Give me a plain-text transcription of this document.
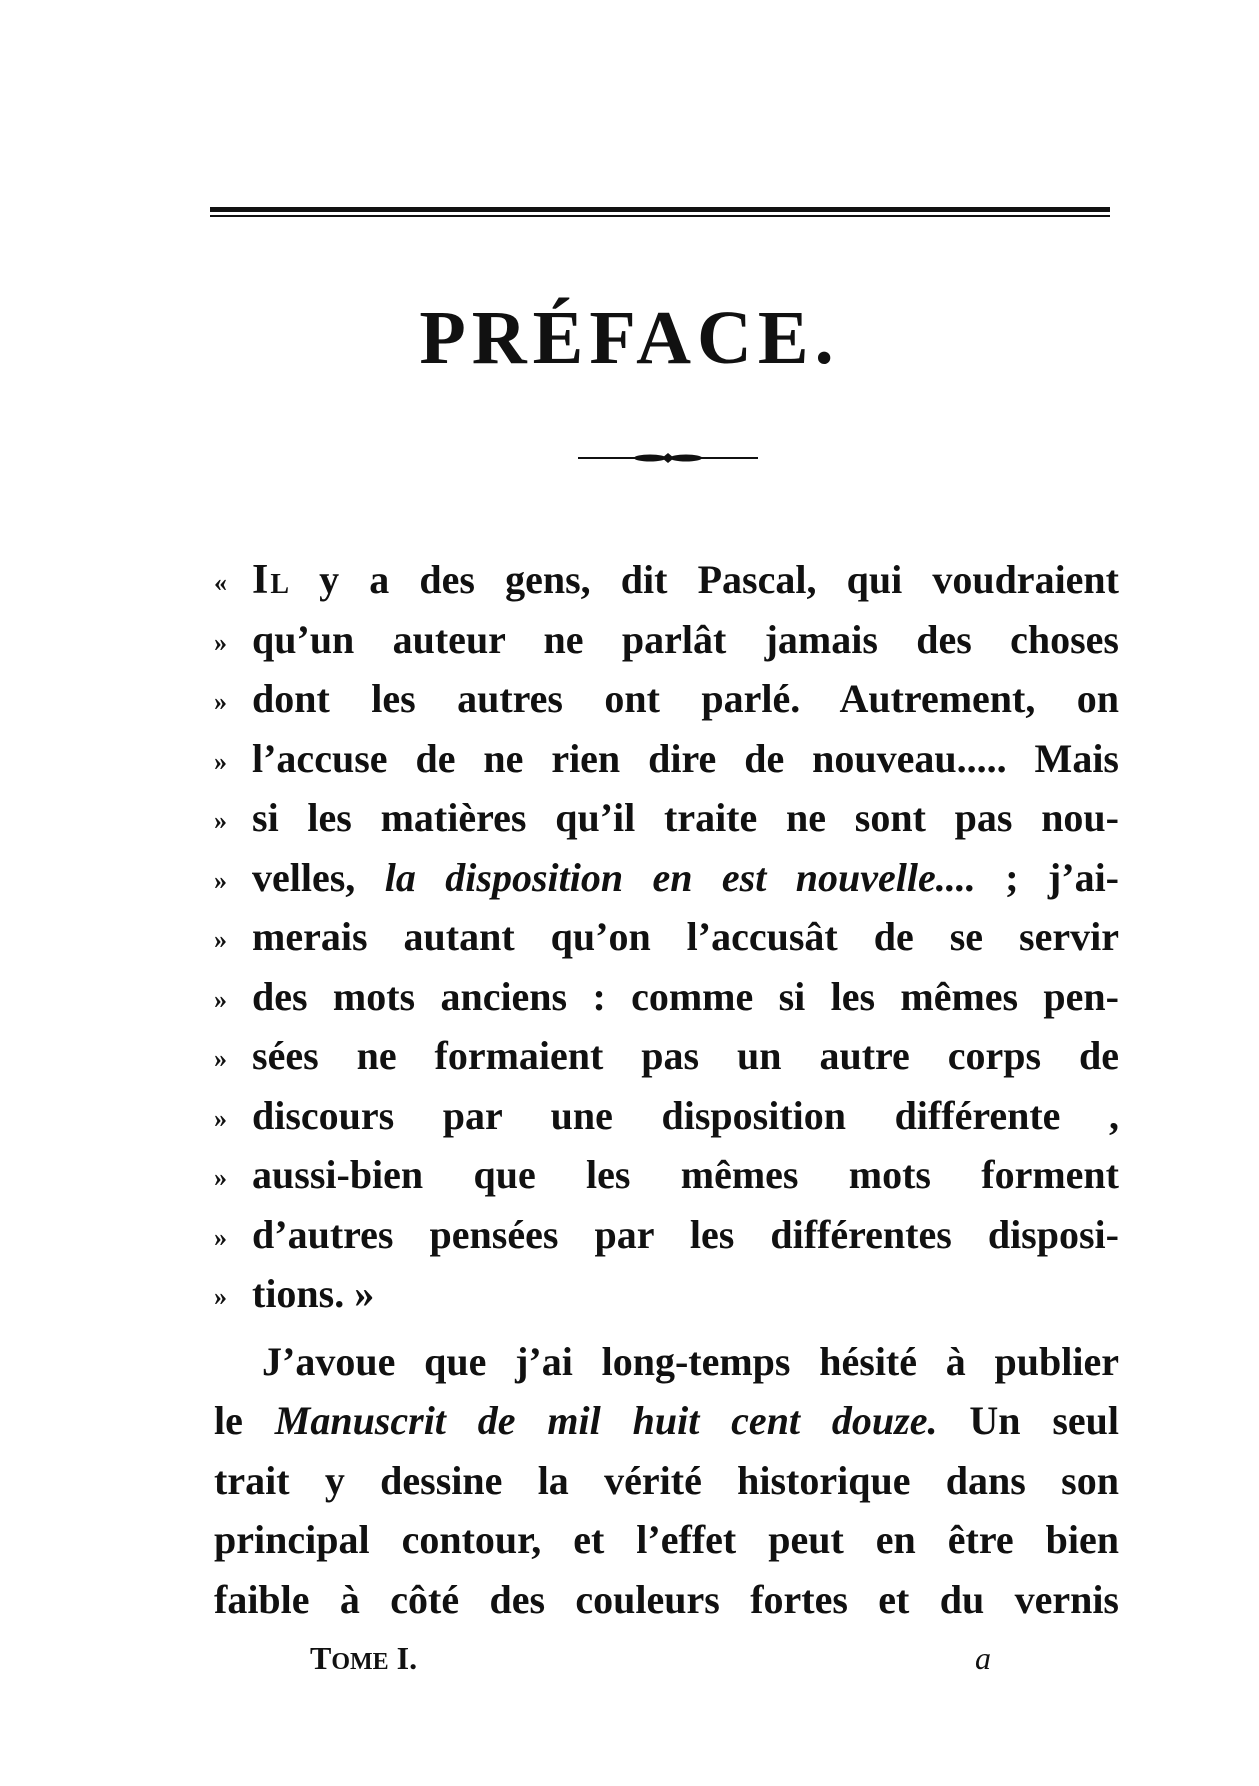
PRÉFACE.
« IL y a des gens, dit Pascal, qui voudraient
» qu’un auteur ne parlât jamais des choses
» dont les autres ont parlé. Autrement, on
» l’accuse de ne rien dire de nouveau..... Mais
» si les matières qu’il traite ne sont pas nou-
» velles, la disposition en est nouvelle.... ; j’ai-
» merais autant qu’on l’accusât de se servir
» des mots anciens : comme si les mêmes pen-
» sées ne formaient pas un autre corps de
» discours par une disposition différente ,
» aussi-bien que les mêmes mots forment
» d’autres pensées par les différentes disposi-
» tions. »
J’avoue que j’ai long-temps hésité à publier
le Manuscrit de mil huit cent douze. Un seul
trait y dessine la vérité historique dans son
principal contour, et l’effet peut en être bien
faible à côté des couleurs fortes et du vernis
TOME I.	a
